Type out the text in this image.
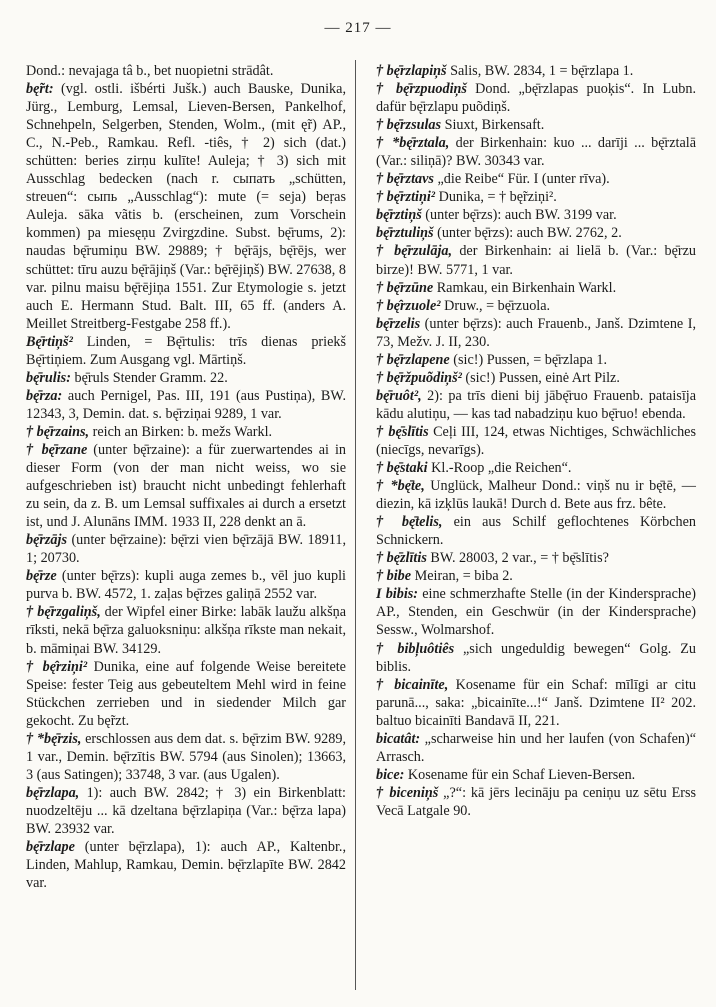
— 217 —

Dond.: nevajaga tâ b., bet nuopietni strādât.

bę̃rt: (vgl. ostli. išbérti Jušk.) auch Bauske, Dunika, Jürg., Lemburg, Lemsal, Lieven-Bersen, Pankelhof, Schnehpeln, Selgerben, Stenden, Wolm., (mit ę̃r) AP., C., N.-Peb., Ramkau. Refl. -tiês, † 2) sich (dat.) schütten: beries zirṇu kulīte! Auleja; † 3) sich mit Ausschlag bedecken (nach r. сыпать „schütten, streuen“: сыпь „Ausschlag“): mute (= seja) beŗas Auleja. sāka vãtis b. (erscheinen, zum Vorschein kommen) pa miesęņu Zvirgzdine. Subst. bę̄rums, 2): naudas bę̄rumiņu BW. 29889; † bę̄rājs, bę̄rējs, wer schüttet: tīru auzu bę̄rājiņš (Var.: bę̄rējiņš) BW. 27638, 8 var. pilnu maisu bę̄rējiņa 1551. Zur Etymologie s. jetzt auch E. Hermann Stud. Balt. III, 65 ff. (anders A. Meillet Streitberg-Festgabe 258 ff.).

Bę̄rtiņš² Linden, = Bę̄rtulis: trīs dienas priekš Bę̄rtiņiem. Zum Ausgang vgl. Mārtiņš.

bę̄rulis: bę̄ruls Stender Gramm. 22.

bę̄rza: auch Pernigel, Pas. III, 191 (aus Pustiņa), BW. 12343, 3, Demin. dat. s. bę̄rziņai 9289, 1 var.

† bę̄rzains, reich an Birken: b. mežs Warkl.

† bę̄rzane (unter bę̄rzaine): a für zuerwartendes ai in dieser Form (von der man nicht weiss, wo sie aufgeschrieben ist) braucht nicht unbedingt fehlerhaft zu sein, da z. B. um Lemsal suffixales ai durch a ersetzt ist, und J. Alunāns IMM. 1933 II, 228 denkt an ā.

bę̄rzājs (unter bę̄rzaine): bę̄rzi vien bę̄rzājā BW. 18911, 1; 20730.

bę̄rze (unter bę̄rzs): kupli auga zemes b., vēl juo kupli purva b. BW. 4572, 1. zaļas bę̄rzes galiņā 2552 var.

† bę̄rzgaliņš, der Wipfel einer Birke: labāk laužu alkšņa rīksti, nekā bę̄rza galuoksniņu: alkšņa rīkste man nekait, b. māmiņai BW. 34129.

† bę̂rziņi² Dunika, eine auf folgende Weise bereitete Speise: fester Teig aus gebeuteltem Mehl wird in feine Stückchen zerrieben und in siedender Milch gar gekocht. Zu bę̃rzt.

† *bę̄rzis, erschlossen aus dem dat. s. bę̄rzim BW. 9289, 1 var., Demin. bę̄rzītis BW. 5794 (aus Sinolen); 13663, 3 (aus Satingen); 33748, 3 var. (aus Ugalen).

bę̄rzlapa, 1): auch BW. 2842; † 3) ein Birkenblatt: nuodzeltēju ... kā dzeltana bę̄rzlapiņa (Var.: bę̄rza lapa) BW. 23932 var.

bę̄rzlape (unter bę̄rzlapa), 1): auch AP., Kaltenbr., Linden, Mahlup, Ramkau, Demin. bę̄rzlapīte BW. 2842 var.

† bę̄rzlapiņš Salis, BW. 2834, 1 = bę̄rzlapa 1.

† bę̄rzpuodiņš Dond. „bę̄rzlapas puoķis“. In Lubn. dafür bę̄rzlapu puõdiņš.

† bę̄rzsulas Siuxt, Birkensaft.

† *bę̄rztala, der Birkenhain: kuo ... darīji ... bę̄rztalā (Var.: siliņā)? BW. 30343 var.

† bę̄rztavs „die Reibe“ Für. I (unter rīva).

† bę̄rztiņi² Dunika, = † bę̃rziņi².

bę̄rztiņš (unter bę̄rzs): auch BW. 3199 var.

bę̄rztuliņš (unter bę̄rzs): auch BW. 2762, 2.

† bę̄rzulāja, der Birkenhain: ai lielā b. (Var.: bę̄rzu birze)! BW. 5771, 1 var.

† bę̄rzūne Ramkau, ein Birkenhain Warkl.

† bę̂rzuole² Druw., = bę̄rzuola.

bę̄rzelis (unter bę̄rzs): auch Frauenb., Janš. Dzimtene I, 73, Mežv. J. II, 230.

† bę̄rzlapene (sic!) Pussen, = bę̄rzlapa 1.

† bę̄ržpuõdiņš² (sic!) Pussen, einė Art Pilz.

bę̄ruôt², 2): pa trīs dieni bij jābę̄ruo Frauenb. pataisīja kādu alutiņu, — kas tad nabadziņu kuo bę̄ruo! ebenda.

† bę̄slītis Ceļi III, 124, etwas Nichtiges, Schwächliches (niecīgs, nevarīgs).

† bę̄staki Kl.-Roop „die Reichen“.

† *bę̄te, Unglück, Malheur Dond.: viņš nu ir bę̄tē, — diezin, kā izķlūs laukā! Durch d. Bete aus frz. bête.

† bę̄telis, ein aus Schilf geflochtenes Körbchen Schnickern.

† bę̄zlītis BW. 28003, 2 var., = † bę̄slītis?

† bibe Meiran, = biba 2.

I bibis: eine schmerzhafte Stelle (in der Kindersprache) AP., Stenden, ein Geschwür (in der Kindersprache) Sessw., Wolmarshof.

† bibļuôtiês „sich ungeduldig bewegen“ Golg. Zu biblis.

† bicainīte, Kosename für ein Schaf: mīlīgi ar citu parunā..., saka: „bicainīte...!“ Janš. Dzimtene II² 202. baltuo bicainīti Bandavā II, 221.

bicatât: „scharweise hin und her laufen (von Schafen)“ Arrasch.

bice: Kosename für ein Schaf Lieven-Bersen.

† biceniņš „?“: kā jērs lecināju pa ceniņu uz sētu Erss Vecā Latgale 90.
